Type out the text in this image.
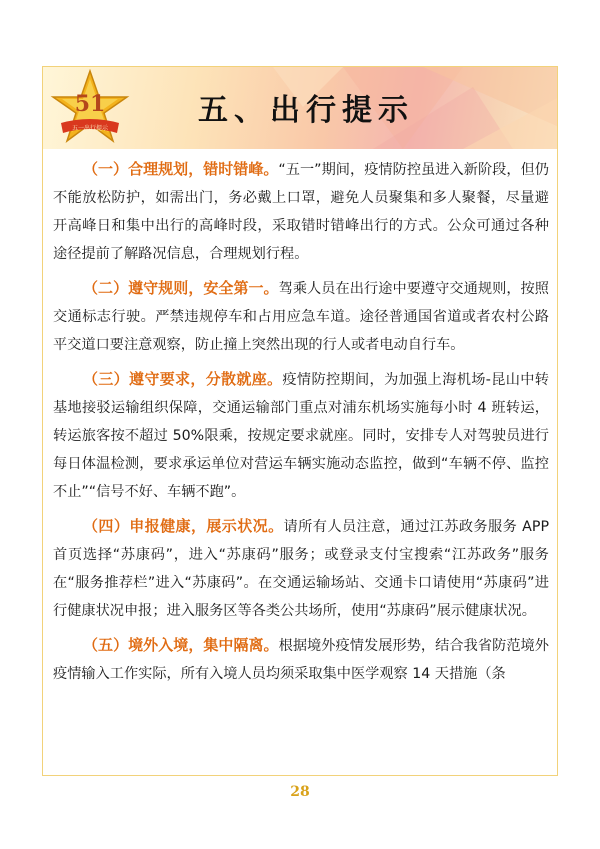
51
五一出行提示
五、出行提示

（一）合理规划，错时错峰。“五一”期间，疫情防控虽进入新阶段，但仍不能放松防护，如需出门，务必戴上口罩，避免人员聚集和多人聚餐，尽量避开高峰日和集中出行的高峰时段，采取错时错峰出行的方式。公众可通过各种途径提前了解路况信息，合理规划行程。

（二）遵守规则，安全第一。驾乘人员在出行途中要遵守交通规则，按照交通标志行驶。严禁违规停车和占用应急车道。途径普通国省道或者农村公路平交道口要注意观察，防止撞上突然出现的行人或者电动自行车。

（三）遵守要求，分散就座。疫情防控期间，为加强上海机场-昆山中转基地接驳运输组织保障，交通运输部门重点对浦东机场实施每小时 4 班转运，转运旅客按不超过 50%限乘，按规定要求就座。同时，安排专人对驾驶员进行每日体温检测，要求承运单位对营运车辆实施动态监控，做到“车辆不停、监控不止”“信号不好、车辆不跑”。

（四）申报健康，展示状况。请所有人员注意，通过江苏政务服务 APP 首页选择“苏康码”，进入“苏康码”服务；或登录支付宝搜索“江苏政务”服务在“服务推荐栏”进入“苏康码”。在交通运输场站、交通卡口请使用“苏康码”进行健康状况申报；进入服务区等各类公共场所，使用“苏康码”展示健康状况。

（五）境外入境，集中隔离。根据境外疫情发展形势，结合我省防范境外疫情输入工作实际，所有入境人员均须采取集中医学观察 14 天措施（条

28
